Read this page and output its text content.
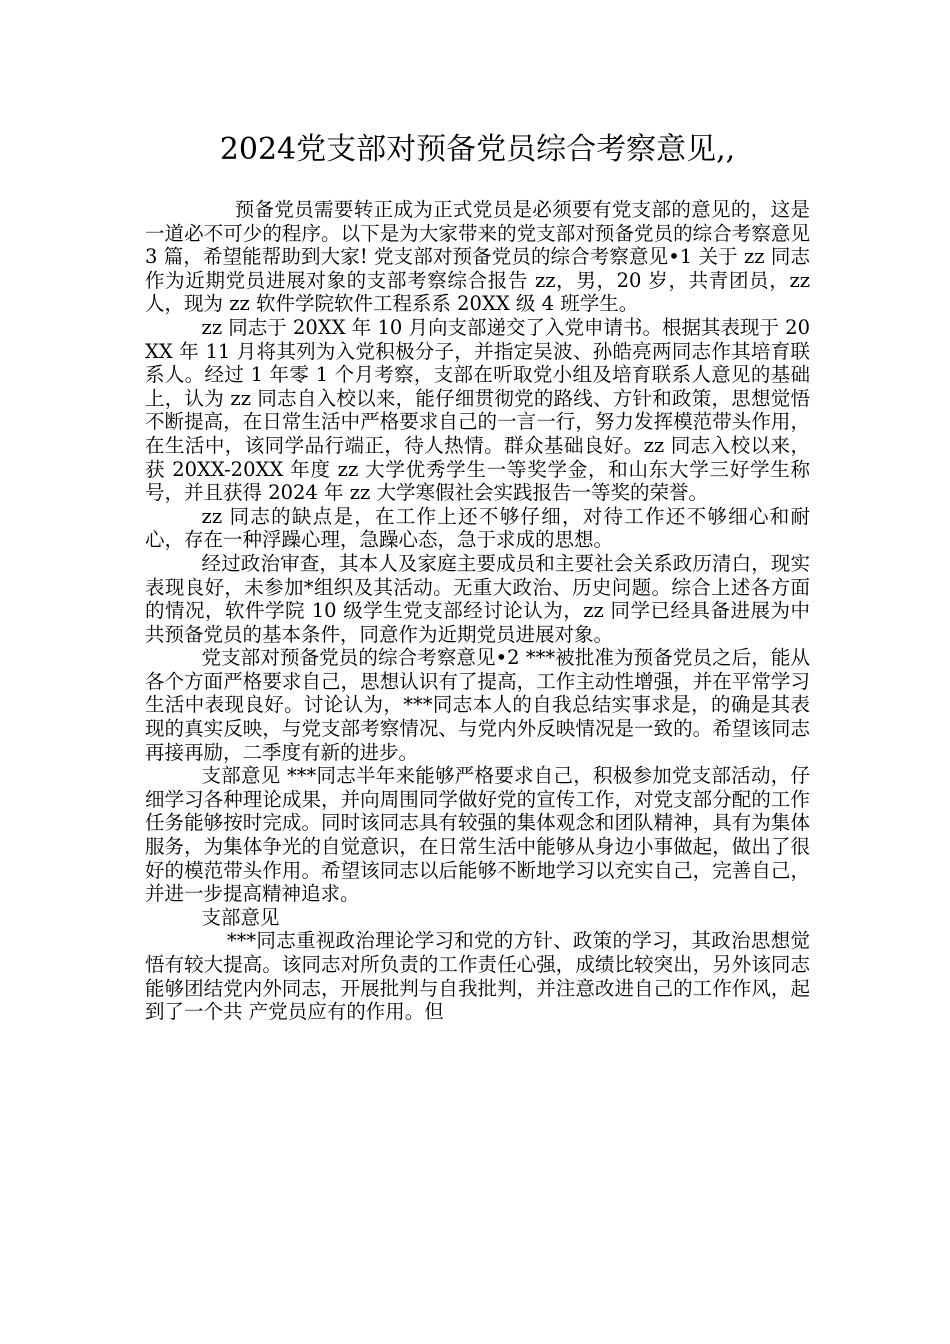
2024党支部对预备党员综合考察意见,,

预备党员需要转正成为正式党员是必须要有党支部的意见的，这是一道必不可少的程序。以下是为大家带来的党支部对预备党员的综合考察意见 3 篇，希望能帮助到大家! 党支部对预备党员的综合考察意见•1 关于 zz 同志作为近期党员进展对象的支部考察综合报告 zz，男，20 岁，共青团员，zz 人，现为 zz 软件学院软件工程系系 20XX 级 4 班学生。

zz 同志于 20XX 年 10 月向支部递交了入党申请书。根据其表现于 20XX 年 11 月将其列为入党积极分子，并指定吴波、孙皓亮两同志作其培育联系人。经过 1 年零 1 个月考察，支部在听取党小组及培育联系人意见的基础上，认为 zz 同志自入校以来，能仔细贯彻党的路线、方针和政策，思想觉悟不断提高，在日常生活中严格要求自己的一言一行，努力发挥模范带头作用，在生活中，该同学品行端正，待人热情。群众基础良好。zz 同志入校以来，获 20XX-20XX 年度 zz 大学优秀学生一等奖学金，和山东大学三好学生称号，并且获得 2024 年 zz 大学寒假社会实践报告一等奖的荣誉。

zz 同志的缺点是，在工作上还不够仔细，对待工作还不够细心和耐心，存在一种浮躁心理，急躁心态，急于求成的思想。

经过政治审查，其本人及家庭主要成员和主要社会关系政历清白，现实表现良好，未参加*组织及其活动。无重大政治、历史问题。综合上述各方面的情况，软件学院 10 级学生党支部经讨论认为，zz 同学已经具备进展为中共预备党员的基本条件，同意作为近期党员进展对象。

党支部对预备党员的综合考察意见•2 ***被批准为预备党员之后，能从各个方面严格要求自己，思想认识有了提高，工作主动性增强，并在平常学习生活中表现良好。讨论认为，***同志本人的自我总结实事求是，的确是其表现的真实反映，与党支部考察情况、与党内外反映情况是一致的。希望该同志再接再励，二季度有新的进步。

支部意见 ***同志半年来能够严格要求自己，积极参加党支部活动，仔细学习各种理论成果，并向周围同学做好党的宣传工作，对党支部分配的工作任务能够按时完成。同时该同志具有较强的集体观念和团队精神，具有为集体服务，为集体争光的自觉意识，在日常生活中能够从身边小事做起，做出了很好的模范带头作用。希望该同志以后能够不断地学习以充实自己，完善自己，并进一步提高精神追求。

支部意见

***同志重视政治理论学习和党的方针、政策的学习，其政治思想觉悟有较大提高。该同志对所负责的工作责任心强，成绩比较突出，另外该同志能够团结党内外同志，开展批判与自我批判，并注意改进自己的工作作风，起到了一个共 产党员应有的作用。但
